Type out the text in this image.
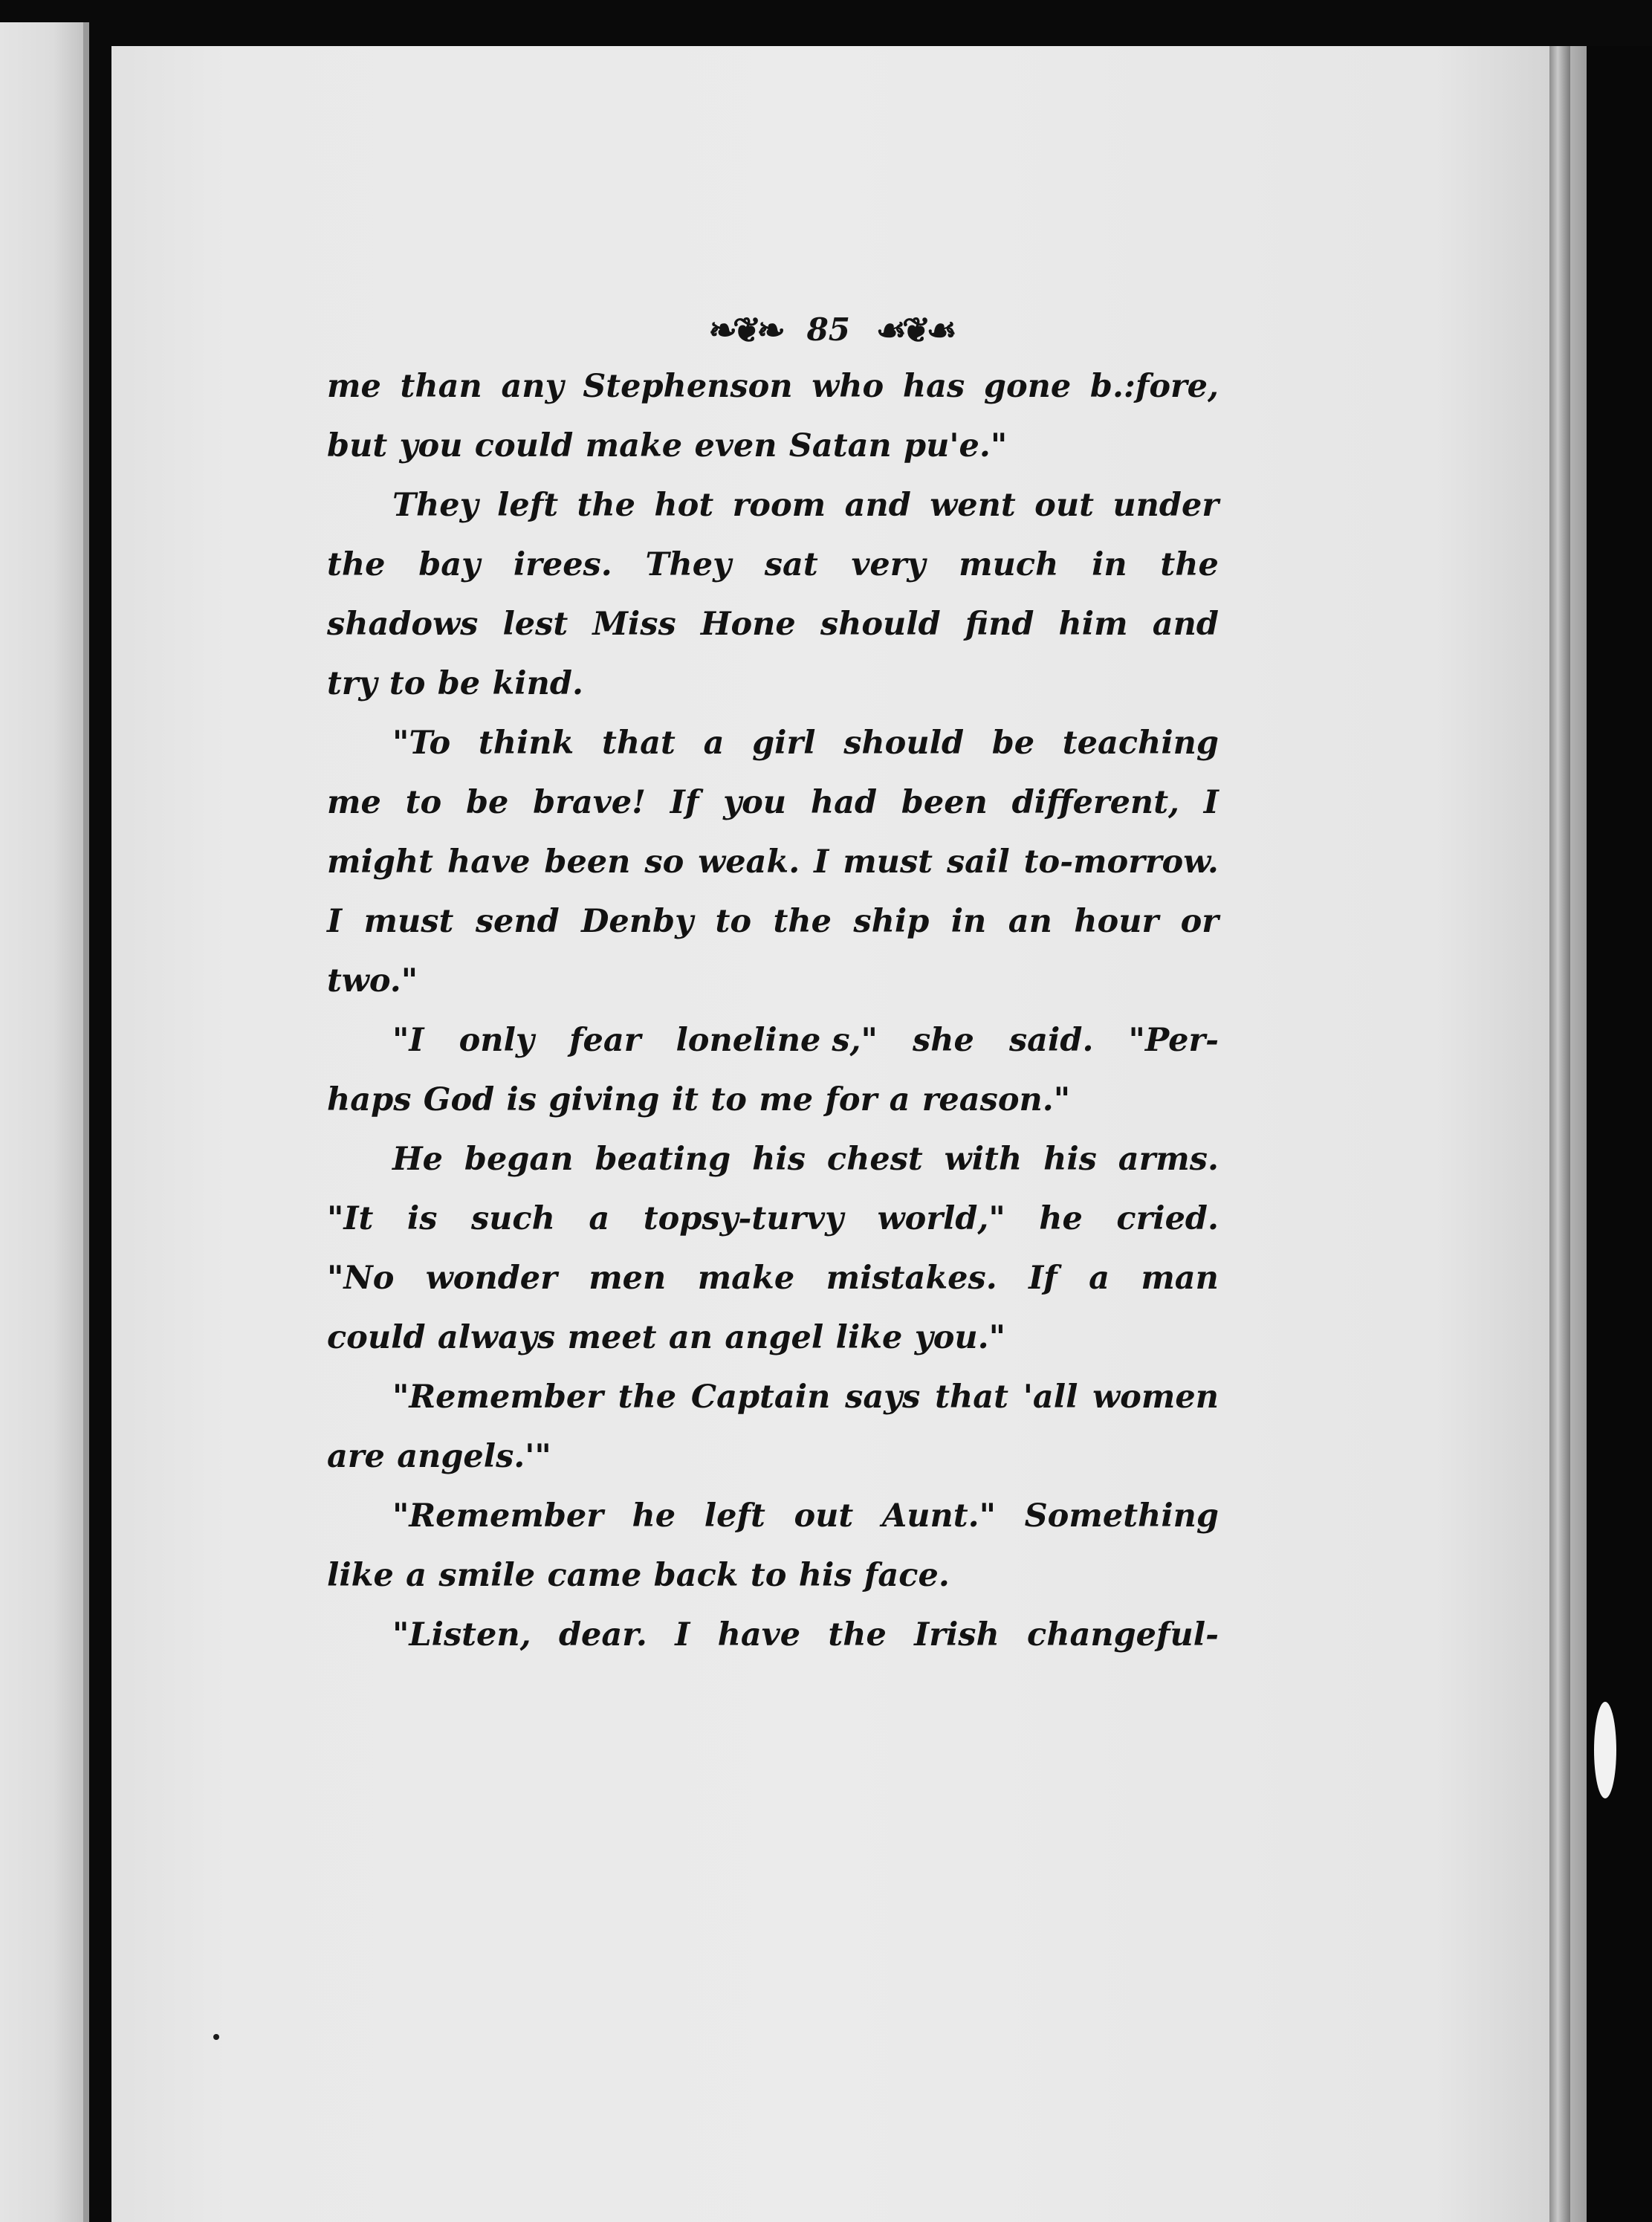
❧❦❧ 85 ☙❦☙
me than any Stephenson who has gone b.:fore,
but you could make even Satan pu'e."
They left the hot room and went out under
the bay irees. They sat very much in the
shadows lest Miss Hone should find him and
try to be kind.
"To think that a girl should be teaching
me to be brave! If you had been different, I
might have been so weak. I must sail to-morrow.
I must send Denby to the ship in an hour or
two."
"I only fear loneline s," she said. "Per-
haps God is giving it to me for a reason."
He began beating his chest with his arms.
"It is such a topsy-turvy world," he cried.
"No wonder men make mistakes. If a man
could always meet an angel like you."
"Remember the Captain says that 'all women
are angels.'"
"Remember he left out Aunt." Something
like a smile came back to his face.
"Listen, dear. I have the Irish changeful-
